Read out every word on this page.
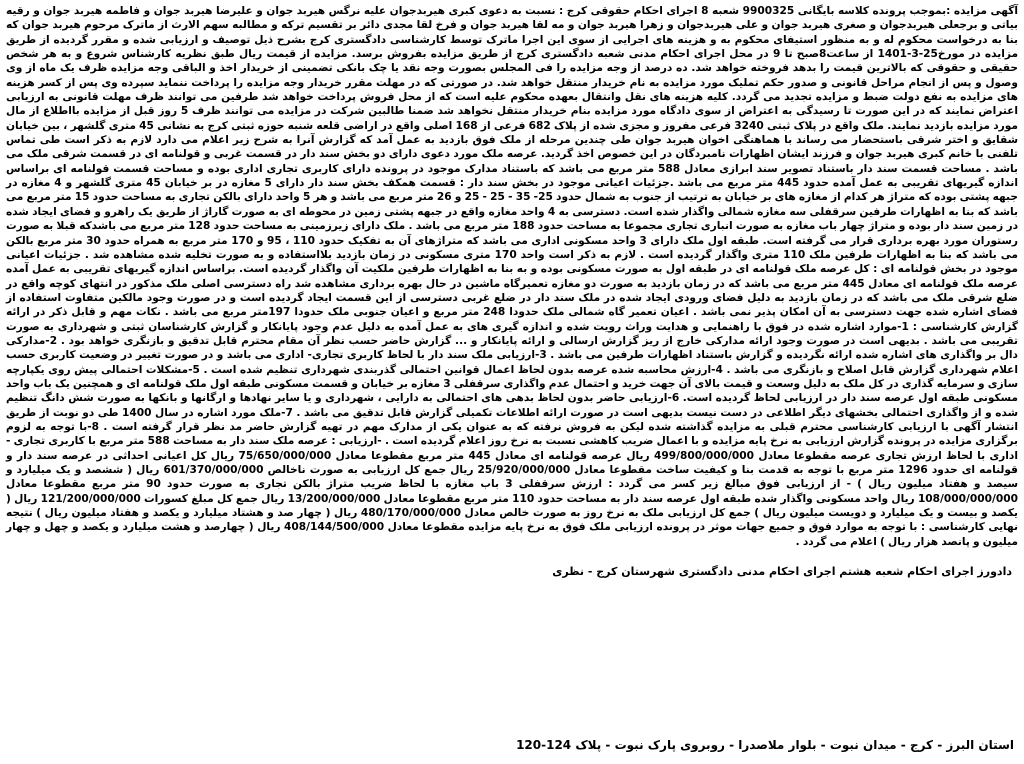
آگهی مزایده :بموجب پرونده کلاسه بایگانی 9900325 شعبه 8 اجرای احکام حقوقی کرج : نسبت به دعوی کبری هیربدجوان علیه نرگس هیربد جوان و علیرضا هیربد جوان و فاطمه هیربد جوان و رقیه بیاتی و برجعلی هیربدجوان و صغری هیربد جوان و علی هیربدجوان و زهرا هیربد جوان و مه لقا هیربد جوان و فرخ لقا مجدی دائر بر تقسیم ترکه و مطالبه سهم الارث از ماترک مرحوم هیربد جوان که بنا به درخواست محکوم له و به منظور استیفای محکوم به و هزینه های اجرایی از سوی این اجرا ماترک توسط کارشناسی دادگستری کرج بشرح ذیل توصیف و ارزیابی شده و مقرر گردیده از طریق مزایده در مورخ25-3-1401 از ساعت8صبح تا 9 در محل اجرای احکام مدنی شعبه دادگستری کرج از طریق مزایده بفروش برسد. مزایده از قیمت ریال طبق نظریه کارشناس شروع و به هر شخص حقیقی و حقوقی که بالاترین قیمت را بدهد فروخته خواهد شد. ده درصد از وجه مزایده را فی المجلس بصورت وجه نقد یا چک بانکی تضمینی از خریدار اخذ و الباقی وجه مزایده ظرف یک ماه از وی وصول و پس از انجام مراحل قانونی و صدور حکم تملیک مورد مزایده به نام خریدار منتقل خواهد شد. در صورتی که در مهلت مقرر خریدار وجه مزایده را پرداخت ننماید سپرده وی پس از کسر هزینه های مزایده به نفع دولت ضبط و مزایده تجدید می گردد. کلیه هزینه های نقل وانتقال بعهده محکوم علیه است که از محل فروش پرداخت خواهد شد طرفین می توانند ظرف مهلت قانونی به ارزیابی اعتراض نمایند که در این صورت تا رسیدگی به اعتراض از سوی دادگاه مورد مزایده بنام خریدار منتقل نخواهد شد ضمنا طالبین شرکت در مزایده می توانند ظرف 5 روز قبل از مزایده بااطلاع از مال مورد مزایده بازدید نمایند. ملک واقع در پلاک ثبتی 3240 فرعی مفروز و مجزی شده از پلاک 682 فرعی از 168 اصلی واقع در اراضی قلعه شنبه حوزه ثبتی کرج به نشانی 45 متری گلشهر ، بین خیابان شقایق و اختر شرقی باستحضار می رساند با هماهنگی اخوان هیربد جوان طی چندین مرحله از ملک فوق بازدید به عمل آمد که گزارش آنرا به شرح زیر اعلام می دارد لازم به ذکر است طی تماس تلفنی با خانم کبری هیربد جوان و فرزند ایشان اظهارات نامبردگان در این خصوص اخذ گردید. عرصه ملک مورد دعوی دارای دو بخش سند دار در قسمت غربی و قولنامه ای در قسمت شرقی ملک می باشد . مساحت قسمت سند دار باستناد تصویر سند ابرازی معادل 588 متر مربع می باشد که باستناد مدارک موجود در پرونده دارای کاربری تجاری اداری بوده و مساحت قسمت قولنامه ای براساس اندازه گیریهای تقریبی به عمل آمده حدود 445 متر مربع می باشد .جزئیات اعیانی موجود در بخش سند دار : قسمت همکف بخش سند دار دارای 5 مغازه در بر خیابان 45 متری گلشهر و 4 مغازه در جبهه پشتی بوده که متراژ هر کدام از مغازه های بر خیابان به ترتیب از جنوب به شمال حدود 25- 35 - 25 - 25 و 26 متر مربع می باشد و هر 5 واحد دارای بالکن تجاری به مساحت حدود 15 متر مربع می باشد که بنا به اظهارات طرفین سرقفلی سه مغازه شمالی واگذار شده است. دسترسی به 4 واحد مغازه واقع در جبهه پشتی زمین در محوطه ای به صورت گاراژ از طریق یک راهرو و فضای ایجاد شده در زمین سند دار بوده و متراژ چهار باب مغازه به صورت انباری تجاری مجموعا به مساحت حدود 188 متر مربع می باشد . ملک دارای زیرزمینی به مساحت حدود 128 متر مربع می باشدکه قبلا به صورت رستوران مورد بهره برداری قرار می گرفته است. طبقه اول ملک دارای 3 واحد مسکونی اداری می باشد که متراژهای آن به تفکیک حدود 110 ، 95 و 170 متر مربع به همراه حدود 30 متر مربع بالکن می باشد که بنا به اظهارات طرفین ملک 110 متری واگذار گردیده است . لازم به ذکر است واحد 170 متری مسکونی در زمان بازدید بلااستفاده و به صورت تخلیه شده مشاهده شد . جزئیات اعیانی موجود در بخش قولنامه ای : کل عرصه ملک قولنامه ای در طبقه اول به صورت مسکونی بوده و به بنا به اظهارات طرفین ملکیت آن واگذار گردیده است. براساس اندازه گیریهای تقریبی به عمل آمده عرصه ملک قولنامه ای معادل 445 متر مربع می باشد که در زمان بازدید به صورت دو مغازه تعمیرگاه ماشین در حال بهره برداری مشاهده شد راه دسترسی اصلی ملک مذکور در انتهای کوچه واقع در ضلع شرقی ملک می باشد که در زمان بازدید به دلیل فضای ورودی ایجاد شده در ملک سند دار در ضلع غربی دسترسی از این قسمت ایجاد گردیده است و در صورت وجود مالکین متفاوت استفاده از فضای اشاره شده جهت دسترسی به آن امکان پذیر نمی باشد . اعیان تعمیر گاه شمالی ملک حدودا 248 متر مربع و اعیان جنوبی ملک حدودا 197متر مربع می باشد . نکات مهم و قابل ذکر در ارائه گزارش کارشناسی : 1-موارد اشاره شده در فوق با راهنمایی و هدایت وراث رویت شده و اندازه گیری های به عمل آمده به دلیل عدم وجود پایانکار و گزارش کارشناسان ثبتی و شهرداری به صورت تقریبی می باشد . بدیهی است در صورت وجود ارائه مدارکی خارج از ریز گزارش ارسالی و ارائه پایانکار و ... گزارش حاضر حسب نظر آن مقام محترم قابل تدقیق و بازنگری خواهد بود . 2-مدارکی دال بر واگذاری های اشاره شده ارائه نگردیده و گزارش باستناد اظهارات طرفین می باشد . 3-ارزیابی ملک سند دار با لحاظ کاربری تجاری- اداری می باشد و در صورت تغییر در وضعیت کاربری حسب اعلام شهرداری گزارش قابل اصلاح و بازنگری می باشد . 4-ارزش محاسبه شده عرصه بدون لحاظ اعمال قوانین احتمالی گذربندی شهرداری تنظیم شده است . 5-مشکلات احتمالی پیش روی یکپارچه سازی و سرمایه گذاری در کل ملک به دلیل وسعت و قیمت بالای آن جهت خرید و احتمال عدم واگذاری سرقفلی 3 مغازه بر خیابان و قسمت مسکونی طبقه اول ملک قولنامه ای و همچنین یک باب واحد مسکونی طبقه اول عرصه سند دار در ارزیابی لحاظ گردیده است. 6-ارزیابی حاضر بدون لحاظ بدهی های احتمالی به دارایی ، شهرداری و یا سایر نهادها و ارگانها و بانکها به صورت شش دانگ تنظیم شده و از واگذاری احتمالی بخشهای دیگر اطلاعی در دست نیست بدیهی است در صورت ارائه اطلاعات تکمیلی گزارش قابل تدقیق می باشد . 7-ملک مورد اشاره در سال 1400 طی دو نوبت از طریق انتشار آگهی با ارزیابی کارشناسی محترم قبلی به مزایده گذاشته شده لیکن به فروش نرفته که به عنوان یکی از مدارک مهم در تهیه گزارش حاضر مد نظر قرار گرفته است . 8-با توجه به لزوم برگزاری مزایده در پرونده گزارش ارزیابی به نرخ پایه مزایده و با اعمال ضریب کاهشی نسبت به نرخ روز اعلام گردیده است . -ارزیابی : عرصه ملک سند دار به مساحت 588 متر مربع با کاربری تجاری - اداری با لحاظ ارزش تجاری عرصه مقطوعا معادل 499/800/000/000 ریال عرصه قولنامه ای معادل 445 متر مربع مقطوعا معادل 75/650/000/000 ریال کل اعیانی احداثی در عرصه سند دار و قولنامه ای حدود 1296 متر مربع با توجه به قدمت بنا و کیفیت ساخت مقطوعا معادل 25/920/000/000 ریال جمع کل ارزیابی به صورت ناخالص 601/370/000/000 ریال ( ششصد و یک میلیارد و سیصد و هفتاد میلیون ریال ) - از ارزیابی فوق مبالغ زیر کسر می گردد : ارزش سرقفلی 3 باب مغازه با لحاظ ضریب متراژ بالکن تجاری به صورت حدود 90 متر مربع مقطوعا معادل 108/000/000/000 ریال واحد مسکونی واگذار شده طبقه اول عرصه سند دار به مساحت حدود 110 متر مربع مقطوعا معادل 13/200/000/000 ریال جمع کل مبلغ کسورات 121/200/000/000 ریال ( یکصد و بیست و یک میلیارد و دویست میلیون ریال ) جمع کل ارزیابی ملک به نرخ روز به صورت خالص معادل 480/170/000/000 ریال ( چهار صد و هشتاد میلیارد و یکصد و هفتاد میلیون ریال ) نتیجه نهایی کارشناسی : با توجه به موارد فوق و جمیع جهات موثر در پرونده ارزیابی ملک فوق به نرخ پایه مزایده مقطوعا معادل 408/144/500/000 ریال ( چهارصد و هشت میلیارد و یکصد و چهل و چهار میلیون و پانصد هزار ریال ) اعلام می گردد .

دادورز اجرای احکام شعبه هشتم اجرای احکام مدنی دادگستری شهرستان کرج - نظری
استان البرز - کرج - میدان نبوت - بلوار ملاصدرا - روبروی پارک نبوت - پلاک 124-120
